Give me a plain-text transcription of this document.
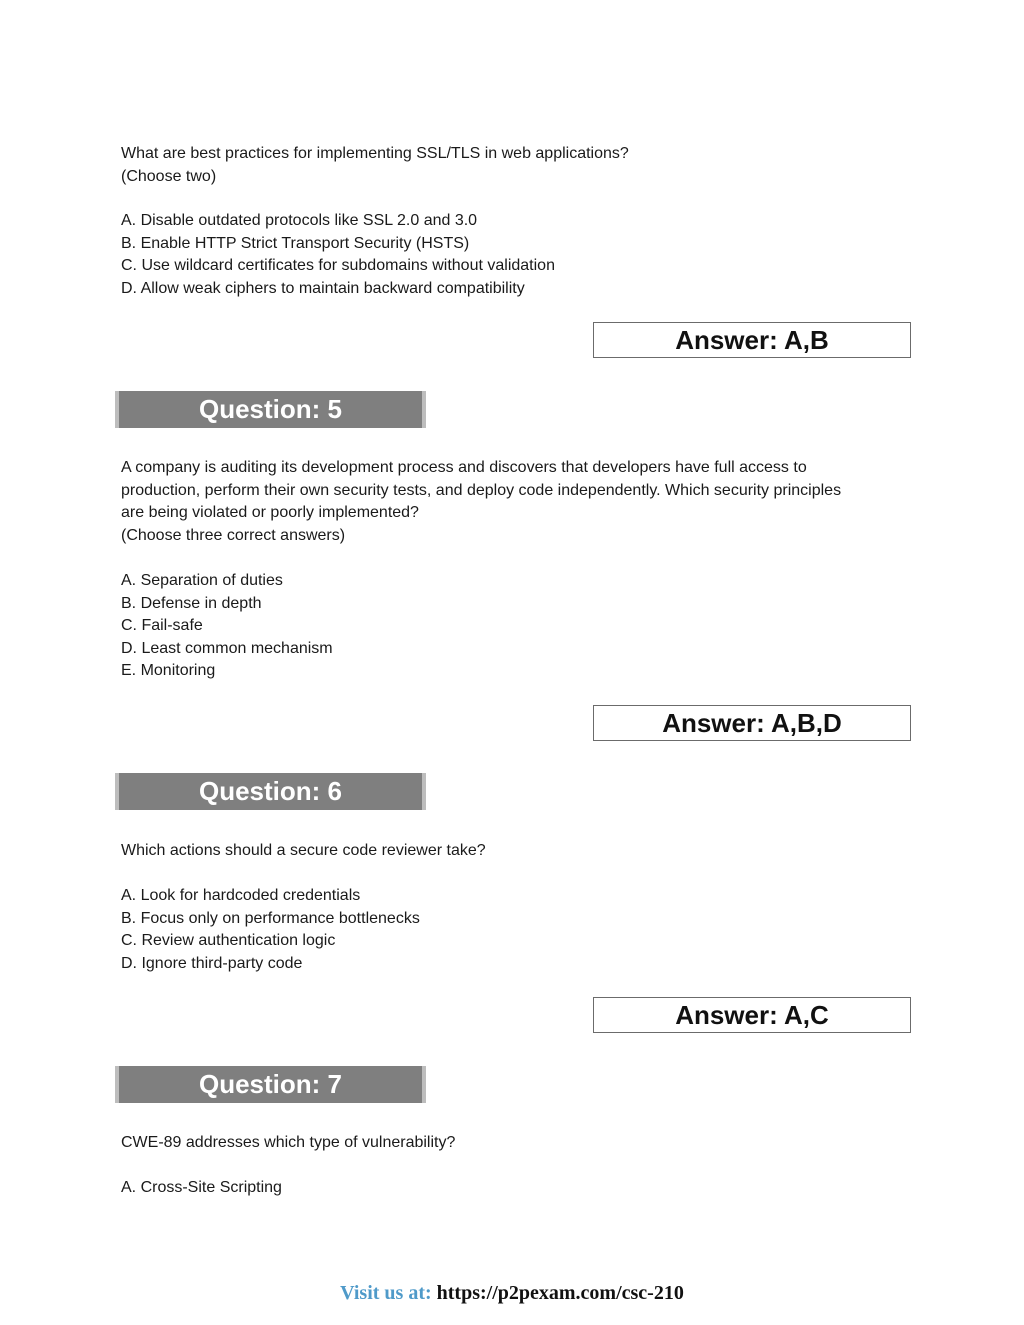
What are best practices for implementing SSL/TLS in web applications?
(Choose two)
A. Disable outdated protocols like SSL 2.0 and 3.0
B. Enable HTTP Strict Transport Security (HSTS)
C. Use wildcard certificates for subdomains without validation
D. Allow weak ciphers to maintain backward compatibility
Answer: A,B
Question: 5
A company is auditing its development process and discovers that developers have full access to
production, perform their own security tests, and deploy code independently. Which security principles
are being violated or poorly implemented?
(Choose three correct answers)
A. Separation of duties
B. Defense in depth
C. Fail-safe
D. Least common mechanism
E. Monitoring
Answer: A,B,D
Question: 6
Which actions should a secure code reviewer take?
A. Look for hardcoded credentials
B. Focus only on performance bottlenecks
C. Review authentication logic
D. Ignore third-party code
Answer: A,C
Question: 7
CWE-89 addresses which type of vulnerability?
A. Cross-Site Scripting
Visit us at: https://p2pexam.com/csc-210
